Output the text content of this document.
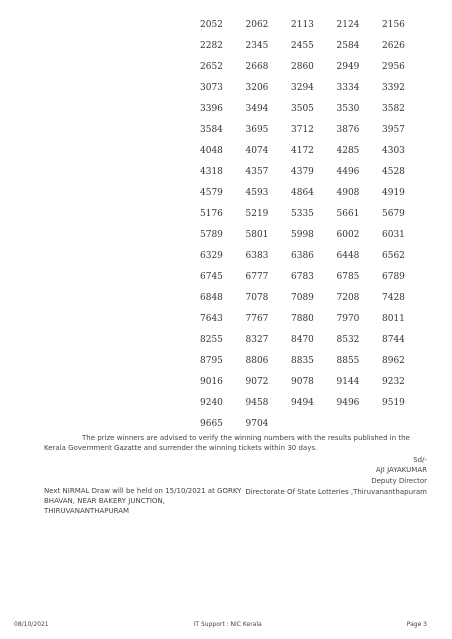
2052	2062	2113	2124	2156
2282	2345	2455	2584	2626
2652	2668	2860	2949	2956
3073	3206	3294	3334	3392
3396	3494	3505	3530	3582
3584	3695	3712	3876	3957
4048	4074	4172	4285	4303
4318	4357	4379	4496	4528
4579	4593	4864	4908	4919
5176	5219	5335	5661	5679
5789	5801	5998	6002	6031
6329	6383	6386	6448	6562
6745	6777	6783	6785	6789
6848	7078	7089	7208	7428
7643	7767	7880	7970	8011
8255	8327	8470	8532	8744
8795	8806	8835	8855	8962
9016	9072	9078	9144	9232
9240	9458	9494	9496	9519
9665	9704

The prize winners are advised to verify the winning numbers with the results published in the Kerala Government Gazatte and surrender the winning tickets within 30 days.

Sd/-
AJI JAYAKUMAR
Deputy Director
Directorate Of State Lotteries ,Thiruvananthapuram
Next NIRMAL Draw will be held on 15/10/2021 at GORKY BHAVAN, NEAR BAKERY JUNCTION, THIRUVANANTHAPURAM
08/10/2021	IT Support : NIC Kerala	Page 3
